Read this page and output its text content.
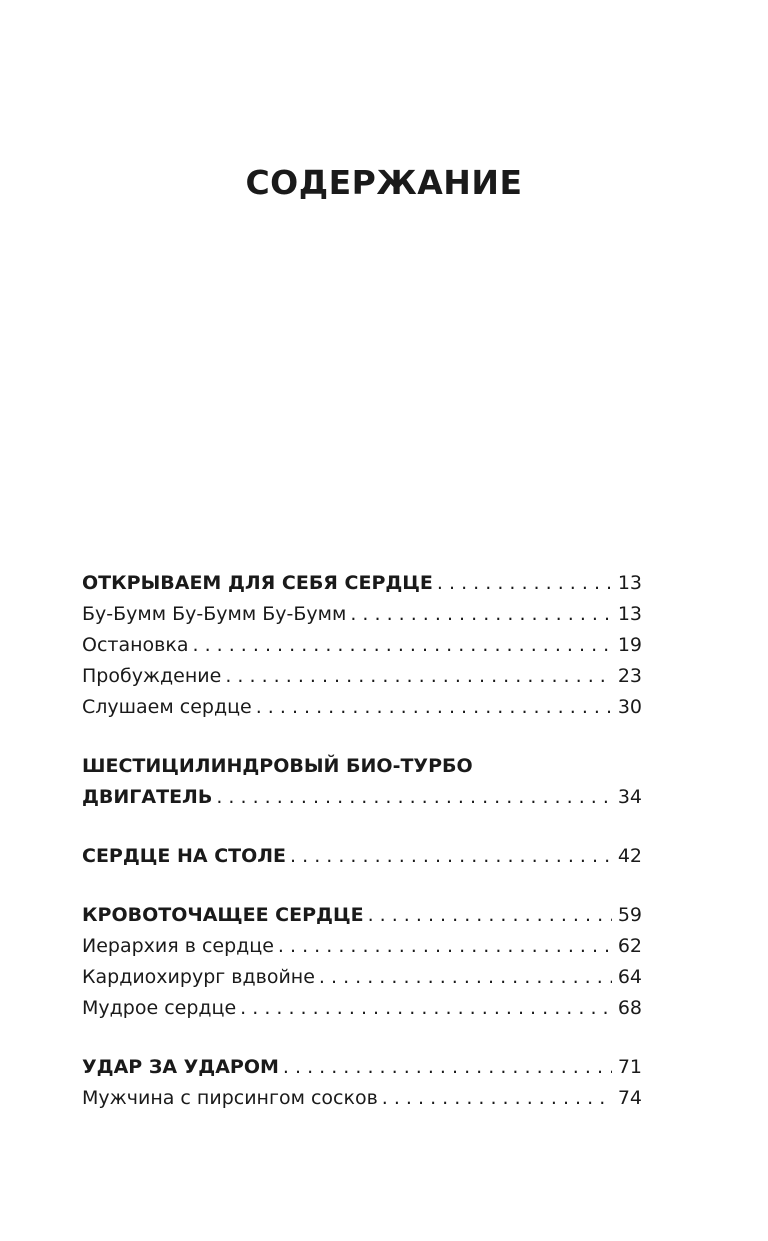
СОДЕРЖАНИЕ
ОТКРЫВАЕМ ДЛЯ СЕБЯ СЕРДЦЕ . . .	13
Бу-Бумм Бу-Бумм Бу-Бумм . . .	13
Остановка . . .	19
Пробуждение . . .	23
Слушаем сердце . . .	30
ШЕСТИЦИЛИНДРОВЫЙ БИО-ТУРБО
ДВИГАТЕЛЬ . . .	34
СЕРДЦЕ НА СТОЛЕ . . .	42
КРОВОТОЧАЩЕЕ СЕРДЦЕ . . .	59
Иерархия в сердце . . .	62
Кардиохирург вдвойне . . .	64
Мудрое сердце . . .	68
УДАР ЗА УДАРОМ . . .	71
Мужчина с пирсингом сосков . . .	74
